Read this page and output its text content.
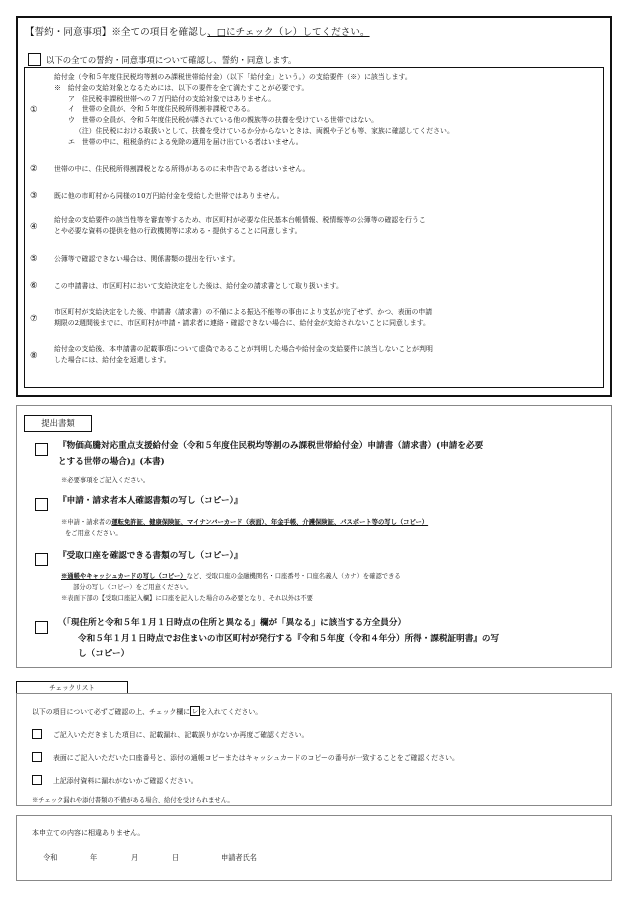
【誓約・同意事項】※全ての項目を確認し、□にチェック（レ）してください。
以下の全ての誓約・同意事項について確認し、誓約・同意します。
①
給付金（令和５年度住民税均等割のみ課税世帯給付金）（以下「給付金」という。）の支給要件（※）に該当します。
※　給付金の支給対象となるためには、以下の要件を全て満たすことが必要です。
ア　住民税非課税世帯への７万円給付の支給対象ではありません。
イ　世帯の全員が、令和５年度住民税所得割非課税である。
ウ　世帯の全員が、令和５年度住民税が課されている他の親族等の扶養を受けている世帯ではない。
（注）住民税における取扱いとして、扶養を受けているか分からないときは、両親や子ども等、家族に確認してください。
エ　世帯の中に、租税条約による免除の適用を届け出ている者はいません。
② 世帯の中に、住民税所得割課税となる所得があるのに未申告である者はいません。
③ 既に他の市町村から同様の10万円給付金を受給した世帯ではありません。
④
給付金の支給要件の該当性等を審査等するため、市区町村が必要な住民基本台帳情報、税情報等の公簿等の確認を行うこ
とや必要な資料の提供を他の行政機関等に求める・提供することに同意します。
⑤ 公簿等で確認できない場合は、関係書類の提出を行います。
⑥ この申請書は、市区町村において支給決定をした後は、給付金の請求書として取り扱います。
⑦
市区町村が支給決定をした後、申請書（請求書）の不備による振込不能等の事由により支払が完了せず、かつ、表面の申請
期限の2週間後までに、市区町村が申請・請求者に連絡・確認できない場合に、給付金が支給されないことに同意します。
⑧
給付金の支給後、本申請書の記載事項について虚偽であることが判明した場合や給付金の支給要件に該当しないことが判明
した場合には、給付金を返還します。
提出書類
『物価高騰対応重点支援給付金（令和５年度住民税均等割のみ課税世帯給付金）申請書（請求書）(申請を必要
とする世帯の場合)』(本書)
※必要事項をご記入ください。
『申請・請求者本人確認書類の写し（コピー）』
※申請・請求者の運転免許証、健康保険証、マイナンバーカード（表面）、年金手帳、介護保険証、パスポート等の写し（コピー）
をご用意ください。
『受取口座を確認できる書類の写し（コピー）』
※通帳やキャッシュカードの写し（コピー）など、受取口座の金融機関名・口座番号・口座名義人（カナ）を確認できる
部分の写し（コピー）をご用意ください。
※表面下部の【受取口座記入欄】に口座を記入した場合のみ必要となり、それ以外は不要
（「現住所と令和５年１月１日時点の住所と異なる」欄が「異なる」に該当する方全員分）
令和５年１月１日時点でお住まいの市区町村が発行する『令和５年度（令和４年分）所得・課税証明書』の写
し（コピー）
チェックリスト
以下の項目について必ずご確認の上、チェック欄に レ を入れてください。
ご記入いただきました項目に、記載漏れ、記載誤りがないか再度ご確認ください。
表面にご記入いただいた口座番号と、添付の通帳コピーまたはキャッシュカードのコピーの番号が一致することをご確認ください。
上記添付資料に漏れがないかご確認ください。
※チェック漏れや添付書類の不備がある場合、給付を受けられません。
本申立ての内容に相違ありません。
令和	年	月	日	申請者氏名
